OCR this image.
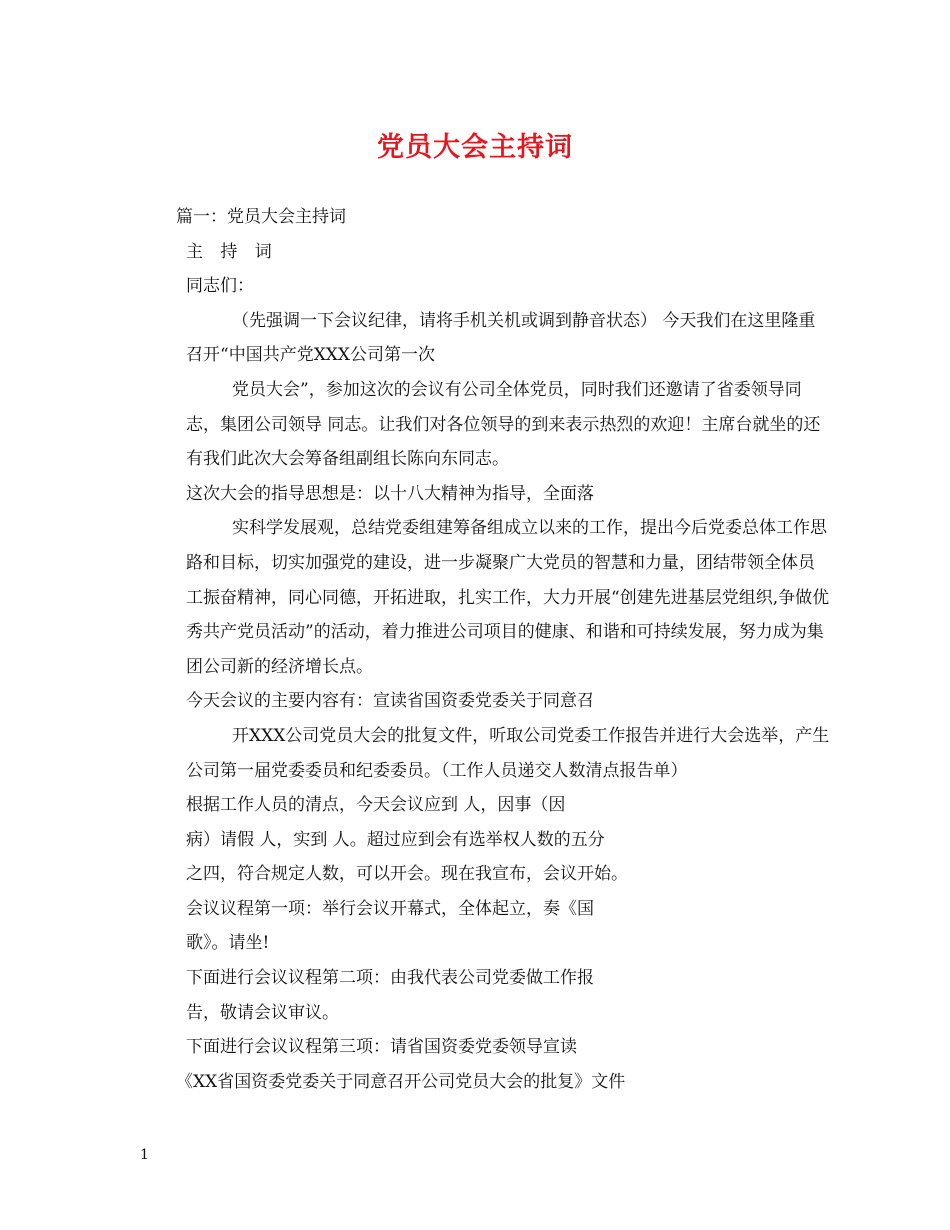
党员大会主持词

篇一：党员大会主持词

主 持 词

同志们：

（先强调一下会议纪律，请将手机关机或调到静音状态） 今天我们在这里隆重召开“中国共产党XXX公司第一次

党员大会”，参加这次的会议有公司全体党员，同时我们还邀请了省委领导同志，集团公司领导 同志。让我们对各位领导的到来表示热烈的欢迎！主席台就坐的还有我们此次大会筹备组副组长陈向东同志。

这次大会的指导思想是：以十八大精神为指导，全面落

实科学发展观，总结党委组建筹备组成立以来的工作，提出今后党委总体工作思路和目标，切实加强党的建设，进一步凝聚广大党员的智慧和力量，团结带领全体员工振奋精神，同心同德，开拓进取，扎实工作，大力开展“创建先进基层党组织,争做优秀共产党员活动”的活动，着力推进公司项目的健康、和谐和可持续发展，努力成为集团公司新的经济增长点。

今天会议的主要内容有：宣读省国资委党委关于同意召

开XXX公司党员大会的批复文件，听取公司党委工作报告并进行大会选举，产生公司第一届党委委员和纪委委员。（工作人员递交人数清点报告单）

根据工作人员的清点，今天会议应到 人，因事（因

病）请假 人，实到 人。超过应到会有选举权人数的五分

之四，符合规定人数，可以开会。现在我宣布，会议开始。

会议议程第一项：举行会议开幕式，全体起立，奏《国

歌》。请坐!

下面进行会议议程第二项：由我代表公司党委做工作报

告，敬请会议审议。

下面进行会议议程第三项：请省国资委党委领导宣读

《XX省国资委党委关于同意召开公司党员大会的批复》文件

1
